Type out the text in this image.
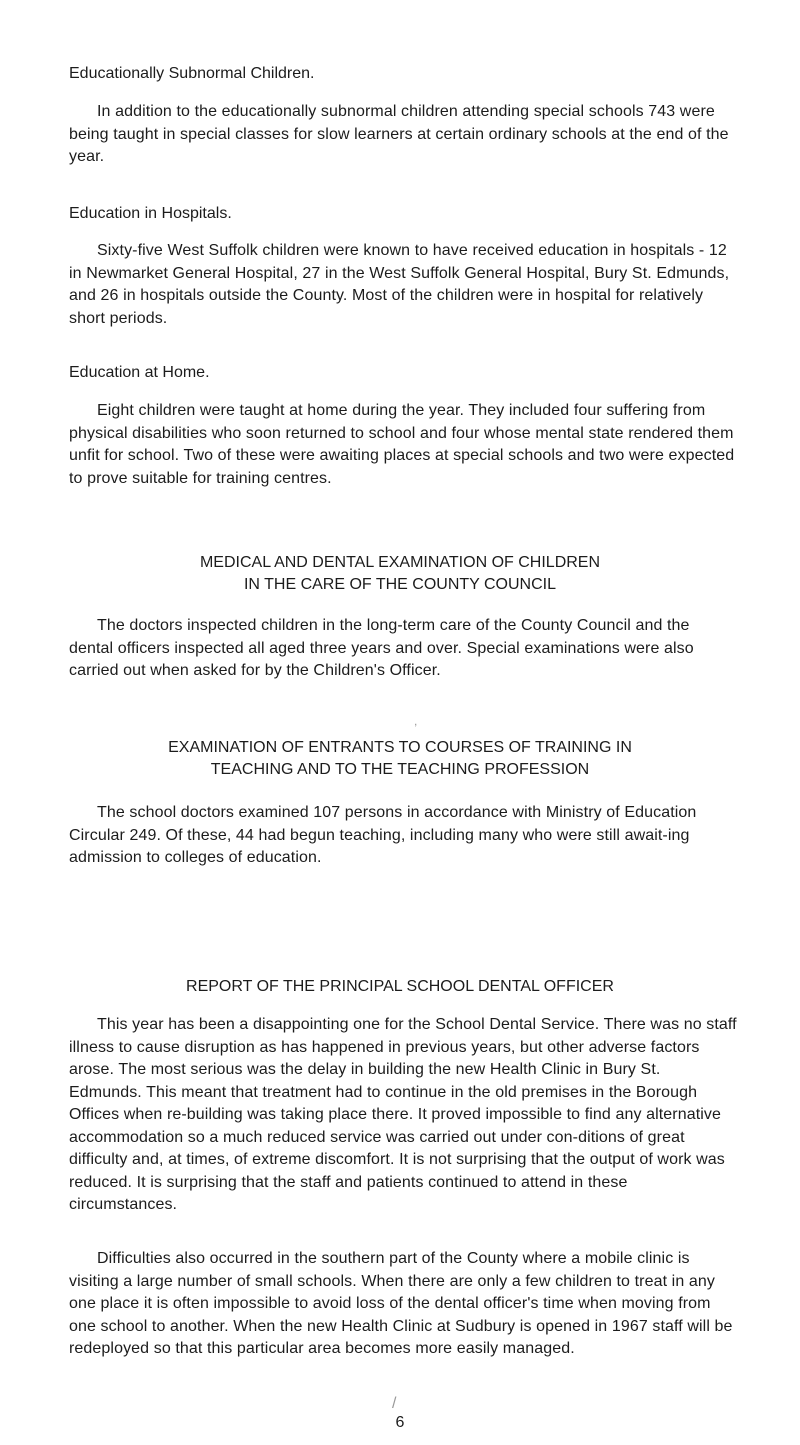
Educationally Subnormal Children.

In addition to the educationally subnormal children attending special schools 743 were being taught in special classes for slow learners at certain ordinary schools at the end of the year.

Education in Hospitals.

Sixty-five West Suffolk children were known to have received education in hospitals - 12 in Newmarket General Hospital, 27 in the West Suffolk General Hospital, Bury St. Edmunds, and 26 in hospitals outside the County. Most of the children were in hospital for relatively short periods.

Education at Home.

Eight children were taught at home during the year. They included four suffering from physical disabilities who soon returned to school and four whose mental state rendered them unfit for school. Two of these were awaiting places at special schools and two were expected to prove suitable for training centres.

MEDICAL AND DENTAL EXAMINATION OF CHILDREN
IN THE CARE OF THE COUNTY COUNCIL

The doctors inspected children in the long-term care of the County Council and the dental officers inspected all aged three years and over. Special examinations were also carried out when asked for by the Children's Officer.

,
EXAMINATION OF ENTRANTS TO COURSES OF TRAINING IN
TEACHING AND TO THE TEACHING PROFESSION

The school doctors examined 107 persons in accordance with Ministry of Education Circular 249. Of these, 44 had begun teaching, including many who were still await-ing admission to colleges of education.

REPORT OF THE PRINCIPAL SCHOOL DENTAL OFFICER

This year has been a disappointing one for the School Dental Service. There was no staff illness to cause disruption as has happened in previous years, but other adverse factors arose. The most serious was the delay in building the new Health Clinic in Bury St. Edmunds. This meant that treatment had to continue in the old premises in the Borough Offices when re-building was taking place there. It proved impossible to find any alternative accommodation so a much reduced service was carried out under con-ditions of great difficulty and, at times, of extreme discomfort. It is not surprising that the output of work was reduced. It is surprising that the staff and patients continued to attend in these circumstances.

Difficulties also occurred in the southern part of the County where a mobile clinic is visiting a large number of small schools. When there are only a few children to treat in any one place it is often impossible to avoid loss of the dental officer's time when moving from one school to another. When the new Health Clinic at Sudbury is opened in 1967 staff will be redeployed so that this particular area becomes more easily managed.

/
6
